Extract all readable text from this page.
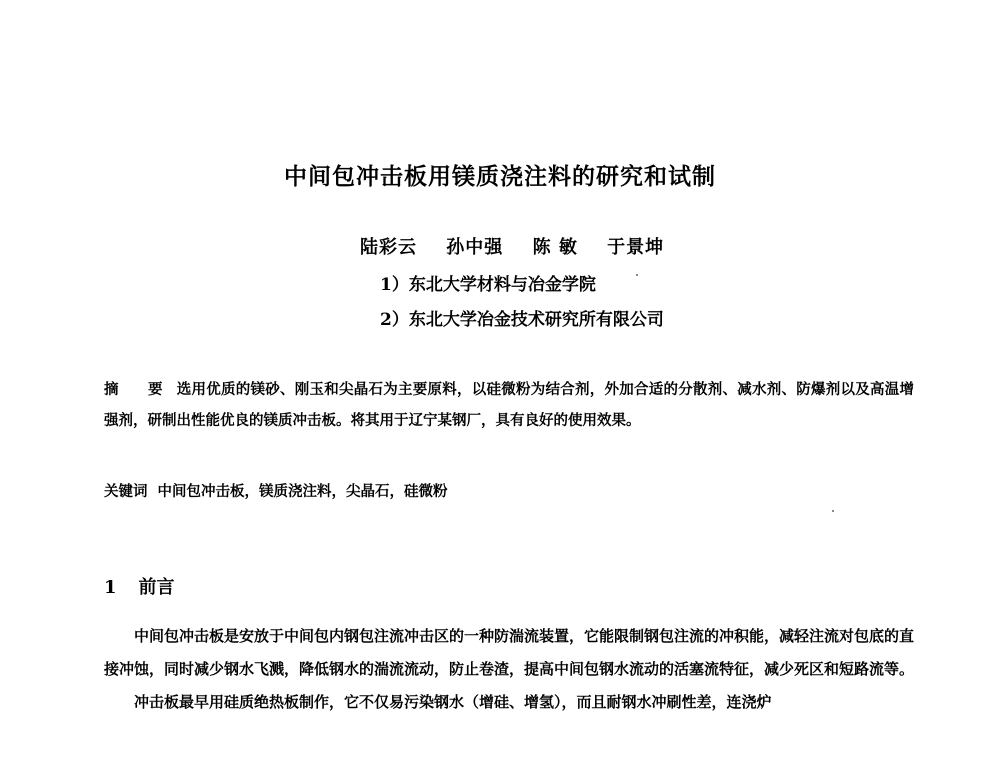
中间包冲击板用镁质浇注料的研究和试制
陆彩云 孙中强 陈 敏 于景坤
1）东北大学材料与冶金学院
2）东北大学冶金技术研究所有限公司
摘 要 选用优质的镁砂、刚玉和尖晶石为主要原料，以硅微粉为结合剂，外加合适的分散剂、减水剂、防爆剂以及高温增强剂，研制出性能优良的镁质冲击板。将其用于辽宁某钢厂，具有良好的使用效果。
关键词 中间包冲击板，镁质浇注料，尖晶石，硅微粉
1 前言

中间包冲击板是安放于中间包内钢包注流冲击区的一种防湍流装置，它能限制钢包注流的冲积能，减轻注流对包底的直接冲蚀，同时减少钢水飞溅，降低钢水的湍流流动，防止卷渣，提高中间包钢水流动的活塞流特征，减少死区和短路流等。

冲击板最早用硅质绝热板制作，它不仅易污染钢水（增硅、增氢），而且耐钢水冲刷性差，连浇炉
